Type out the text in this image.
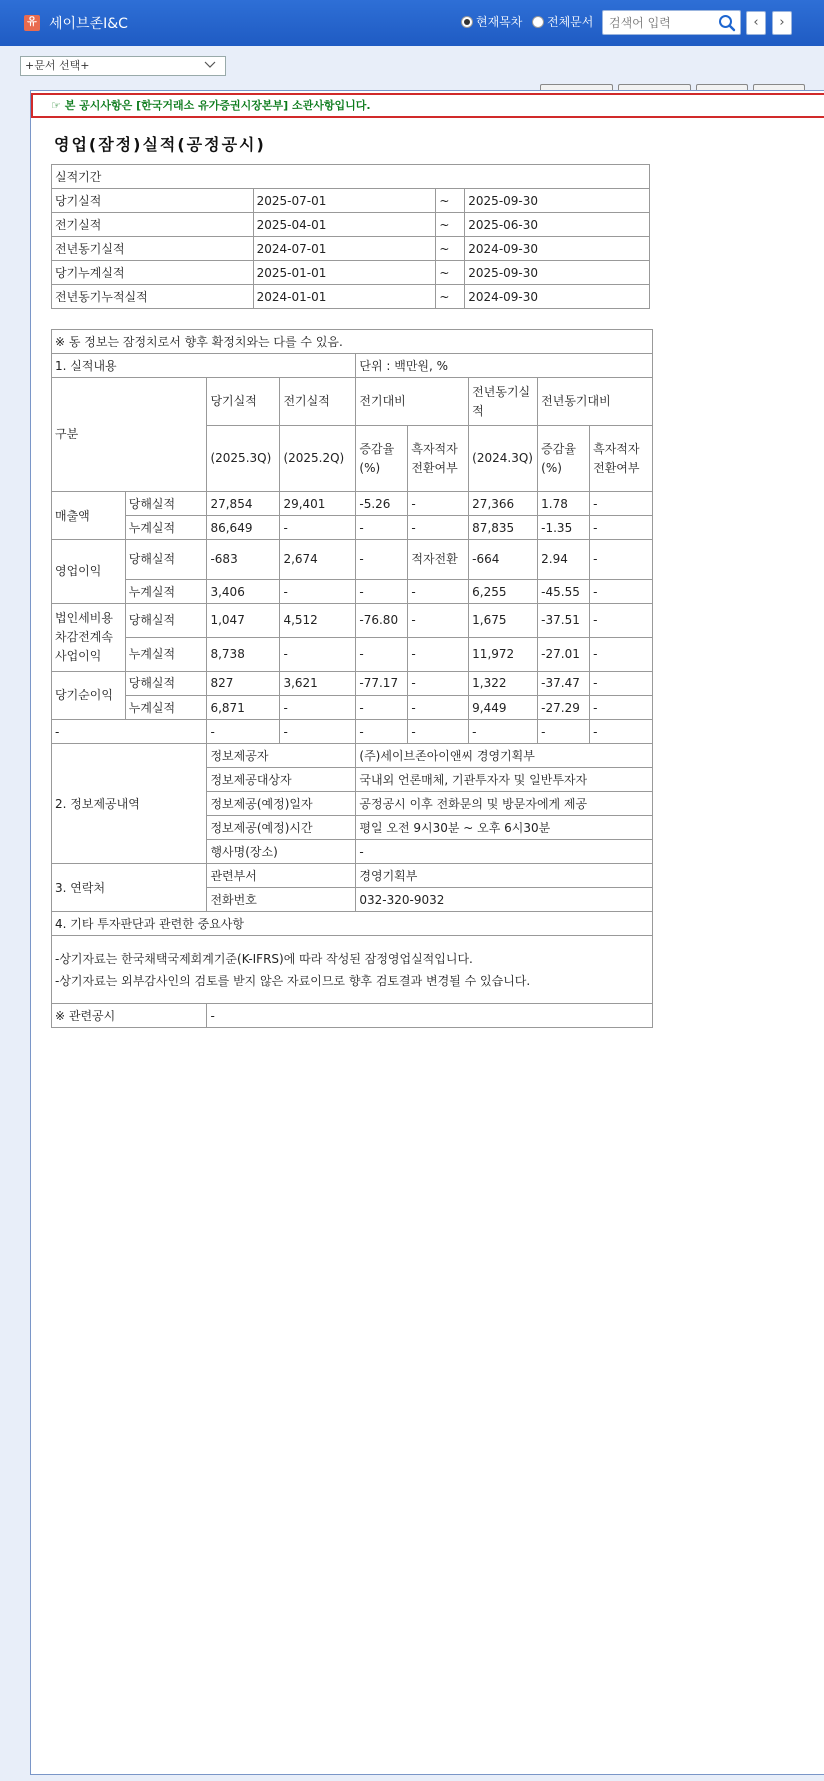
유 세이브존I&C	현재목차 전체문서
검색어 입력	‹	›
+문서 선택+
☞ 본 공시사항은 [한국거래소 유가증권시장본부] 소관사항입니다.
영업(잠정)실적(공정공시)
실적기간			
당기실적	2025-07-01	~	2025-09-30
전기실적	2025-04-01	~	2025-06-30
전년동기실적	2024-07-01	~	2024-09-30
당기누계실적	2025-01-01	~	2025-09-30
전년동기누적실적	2024-01-01	~	2024-09-30
※ 동 정보는 잠정치로서 향후 확정치와는 다를 수 있음.								
1. 실적내용				단위 : 백만원, %				
구분		당기실적	전기실적	전기대비		전년동기실적	전년동기대비	
		(2025.3Q)	(2025.2Q)	증감율(%)	흑자적자전환여부	(2024.3Q)	증감율(%)	흑자적자전환여부
매출액	당해실적	27,854	29,401	-5.26	-	27,366	1.78	-
	누계실적	86,649	-	-	-	87,835	-1.35	-
영업이익	당해실적	-683	2,674	-	적자전환	-664	2.94	-
	누계실적	3,406	-	-	-	6,255	-45.55	-
법인세비용차감전계속사업이익	당해실적	1,047	4,512	-76.80	-	1,675	-37.51	-
	누계실적	8,738	-	-	-	11,972	-27.01	-
당기순이익	당해실적	827	3,621	-77.17	-	1,322	-37.47	-
	누계실적	6,871	-	-	-	9,449	-27.29	-
-		-	-	-	-	-	-	-
2. 정보제공내역		정보제공자		(주)세이브존아이앤씨 경영기획부				
		정보제공대상자		국내외 언론매체, 기관투자자 및 일반투자자				
		정보제공(예정)일자		공정공시 이후 전화문의 및 방문자에게 제공				
		정보제공(예정)시간		평일 오전 9시30분 ~ 오후 6시30분				
		행사명(장소)		-				
3. 연락처		관련부서		경영기획부				
		전화번호		032-320-9032				
4. 기타 투자판단과 관련한 중요사항								
-상기자료는 한국채택국제회계기준(K-IFRS)에 따라 작성된 잠정영업실적입니다.
-상기자료는 외부감사인의 검토를 받지 않은 자료이므로 향후 검토결과 변경될 수 있습니다.								
※ 관련공시		-						
